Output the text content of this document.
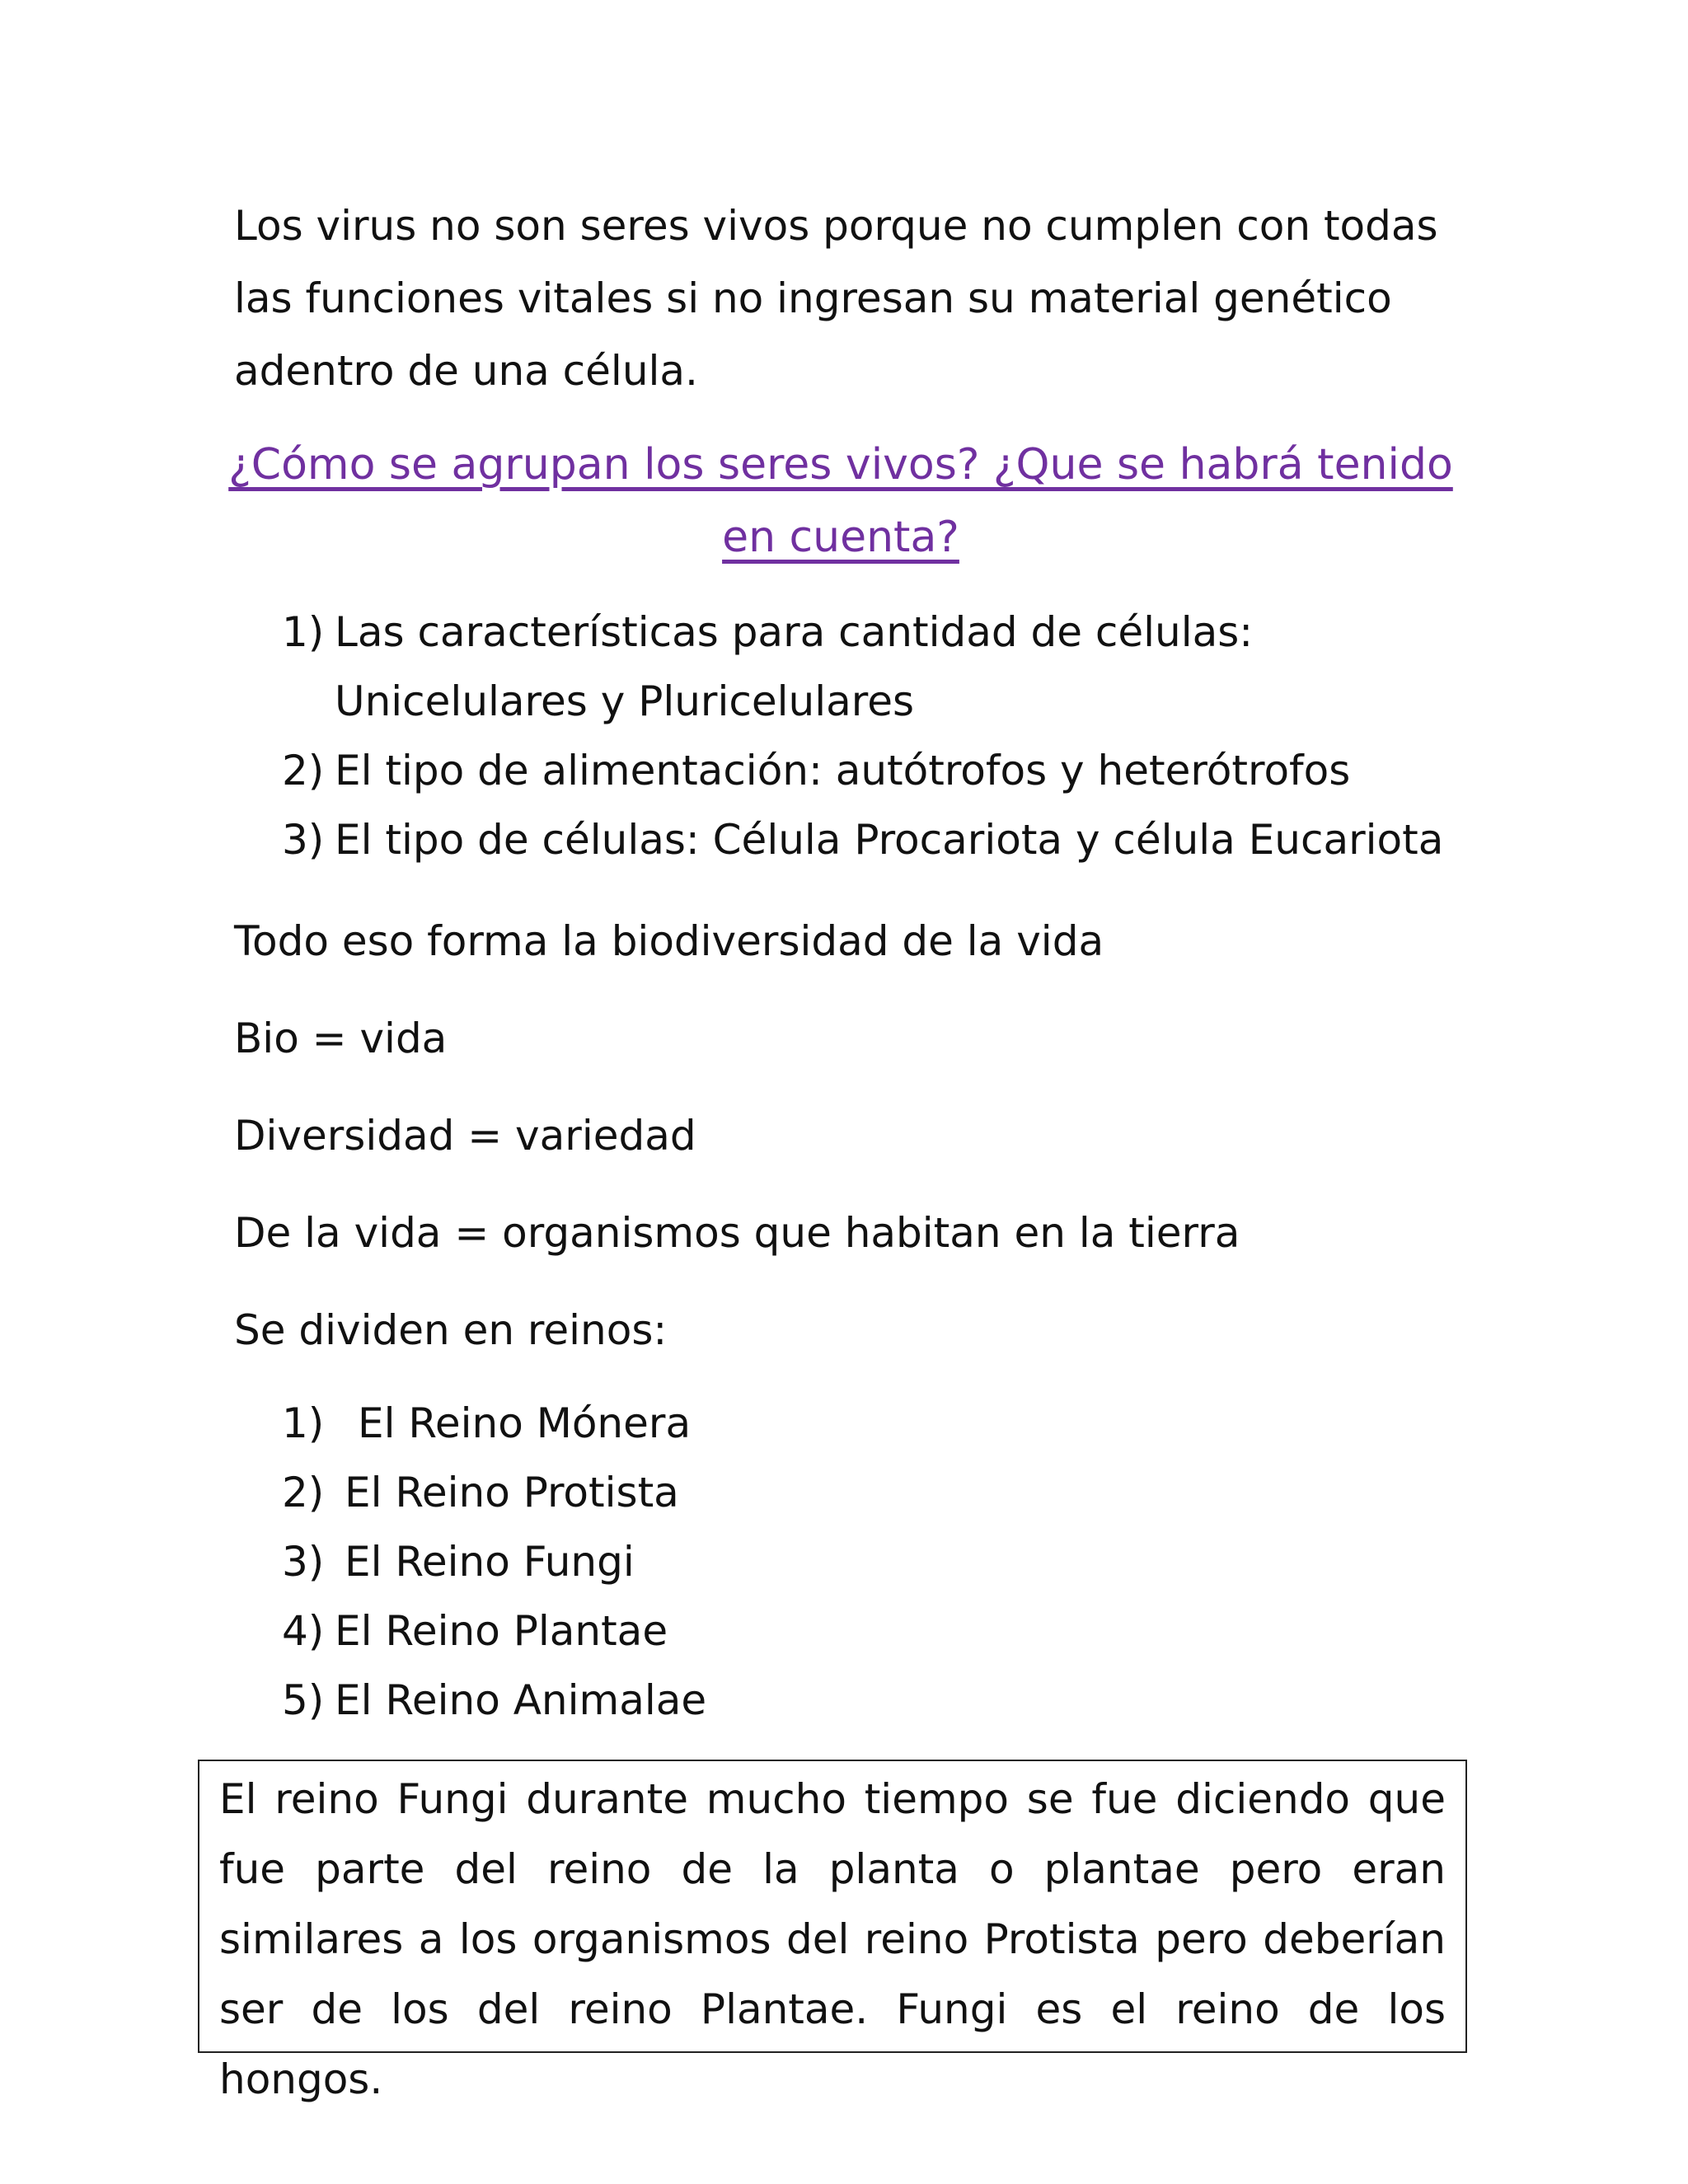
Los virus no son seres vivos porque no cumplen con todas las funciones vitales si no ingresan su material genético adentro de una célula.

¿Cómo se agrupan los seres vivos? ¿Que se habrá tenido en cuenta?

1) Las características para cantidad de células: Unicelulares y Pluricelulares
2) El tipo de alimentación: autótrofos y heterótrofos
3) El tipo de células: Célula Procariota y célula Eucariota

Todo eso forma la biodiversidad de la vida

Bio = vida

Diversidad = variedad

De la vida = organismos que habitan en la tierra

Se dividen en reinos:

1) El Reino Mónera
2) El Reino Protista
3) El Reino Fungi
4) El Reino Plantae
5) El Reino Animalae

El reino Fungi durante mucho tiempo se fue diciendo que fue parte del reino de la planta o plantae pero eran similares a los organismos del reino Protista pero deberían ser de los del reino Plantae. Fungi es el reino de los hongos.
